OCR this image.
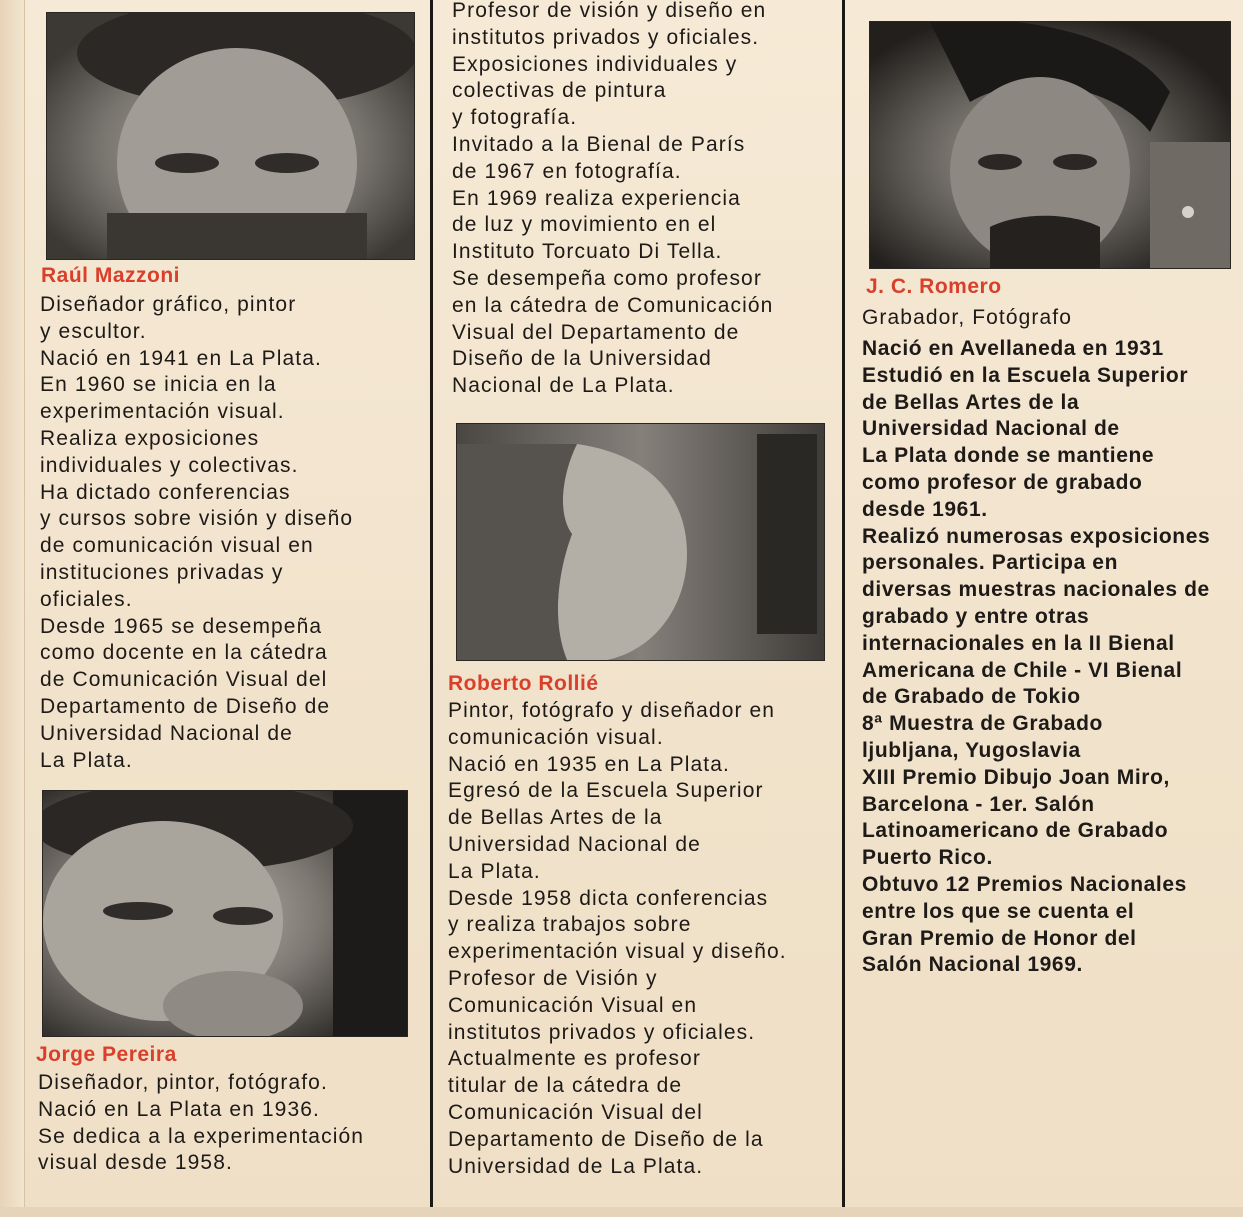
Raúl Mazzoni

Diseñador gráfico, pintor
y escultor.
Nació en 1941 en La Plata.
En 1960 se inicia en la
experimentación visual.
Realiza exposiciones
individuales y colectivas.
Ha dictado conferencias
y cursos sobre visión y diseño
de comunicación visual en
instituciones privadas y
oficiales.
Desde 1965 se desempeña
como docente en la cátedra
de Comunicación Visual del
Departamento de Diseño de
Universidad Nacional de
La Plata.

Jorge Pereira

Diseñador, pintor, fotógrafo.
Nació en La Plata en 1936.
Se dedica a la experimentación
visual desde 1958.
Profesor de visión y diseño en
institutos privados y oficiales.
Exposiciones individuales y
colectivas de pintura
y fotografía.
Invitado a la Bienal de París
de 1967 en fotografía.
En 1969 realiza experiencia
de luz y movimiento en el
Instituto Torcuato Di Tella.
Se desempeña como profesor
en la cátedra de Comunicación
Visual del Departamento de
Diseño de la Universidad
Nacional de La Plata.

Roberto Rollié

Pintor, fotógrafo y diseñador en
comunicación visual.
Nació en 1935 en La Plata.
Egresó de la Escuela Superior
de Bellas Artes de la
Universidad Nacional de
La Plata.
Desde 1958 dicta conferencias
y realiza trabajos sobre
experimentación visual y diseño.
Profesor de Visión y
Comunicación Visual en
institutos privados y oficiales.
Actualmente es profesor
titular de la cátedra de
Comunicación Visual del
Departamento de Diseño de la
Universidad de La Plata.

J. C. Romero

Grabador, Fotógrafo
Nació en Avellaneda en 1931
Estudió en la Escuela Superior
de Bellas Artes de la
Universidad Nacional de
La Plata donde se mantiene
como profesor de grabado
desde 1961.
Realizó numerosas exposiciones
personales. Participa en
diversas muestras nacionales de
grabado y entre otras
internacionales en la II Bienal
Americana de Chile - VI Bienal
de Grabado de Tokio
8ª Muestra de Grabado
ljubljana, Yugoslavia
XIII Premio Dibujo Joan Miro,
Barcelona - 1er. Salón
Latinoamericano de Grabado
Puerto Rico.
Obtuvo 12 Premios Nacionales
entre los que se cuenta el
Gran Premio de Honor del
Salón Nacional 1969.
